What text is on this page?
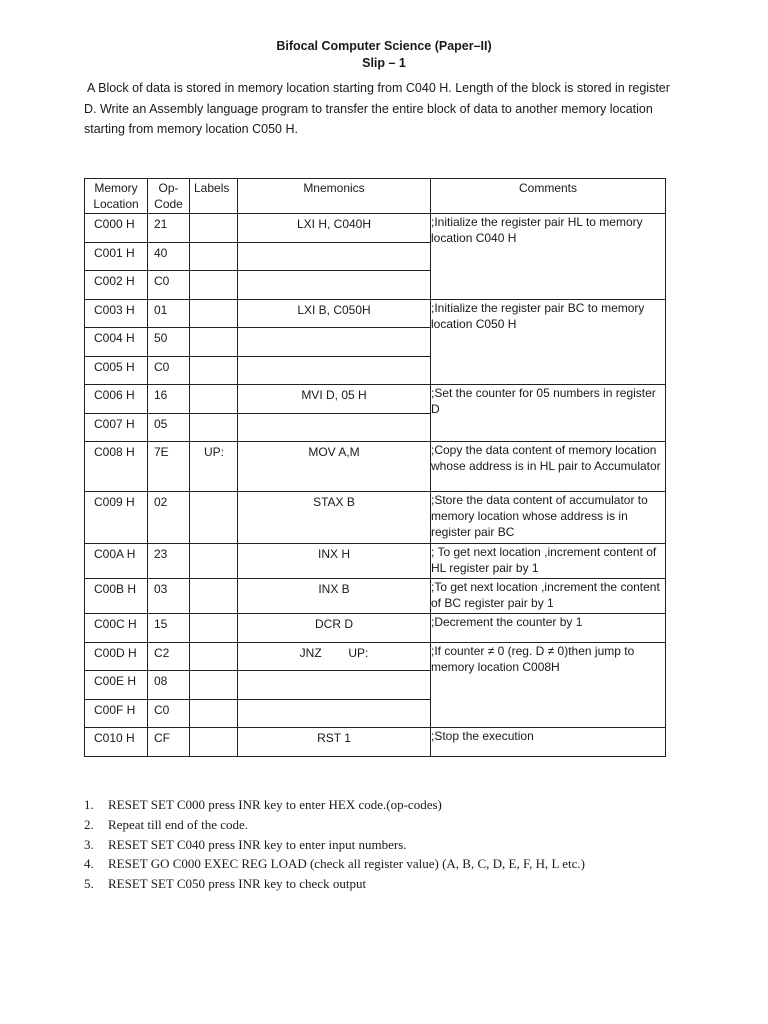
Bifocal Computer Science (Paper–II)
Slip – 1

A Block of data is stored in memory location starting from C040 H. Length of the block is stored in register

D. Write an Assembly language program to transfer the entire block of data to another memory location

starting from memory location C050 H.

Memory Location	Op-Code	Labels	Mnemonics	Comments
C000 H	21		LXI H, C040H	;Initialize the register pair HL to memory location C040 H
C001 H	40			
C002 H	C0			
C003 H	01		LXI B, C050H	;Initialize the register pair BC to memory location C050 H
C004 H	50			
C005 H	C0			
C006 H	16		MVI D, 05 H	;Set the counter for 05 numbers in register D
C007 H	05			
C008 H	7E	UP:	MOV A,M	;Copy the data content of memory location whose address is in HL pair to Accumulator
C009 H	02		STAX B	;Store the data content of accumulator to memory location whose address is in register pair BC
C00A H	23		INX H	; To get next location ,increment content of HL register pair by 1
C00B H	03		INX B	;To get next location ,increment the content of BC register pair by 1
C00C H	15		DCR D	;Decrement the counter by 1
C00D H	C2		JNZ        UP:	;If counter ≠ 0 (reg. D ≠ 0)then jump to memory location C008H
C00E H	08			
C00F H	C0			
C010 H	CF		RST 1	;Stop the execution
1. RESET SET C000 press INR key to enter HEX code.(op-codes)
2. Repeat till end of the code.
3. RESET SET C040 press INR key to enter input numbers.
4. RESET GO C000 EXEC REG LOAD (check all register value) (A, B, C, D, E, F, H, L etc.)
5. RESET SET C050 press INR key to check output
